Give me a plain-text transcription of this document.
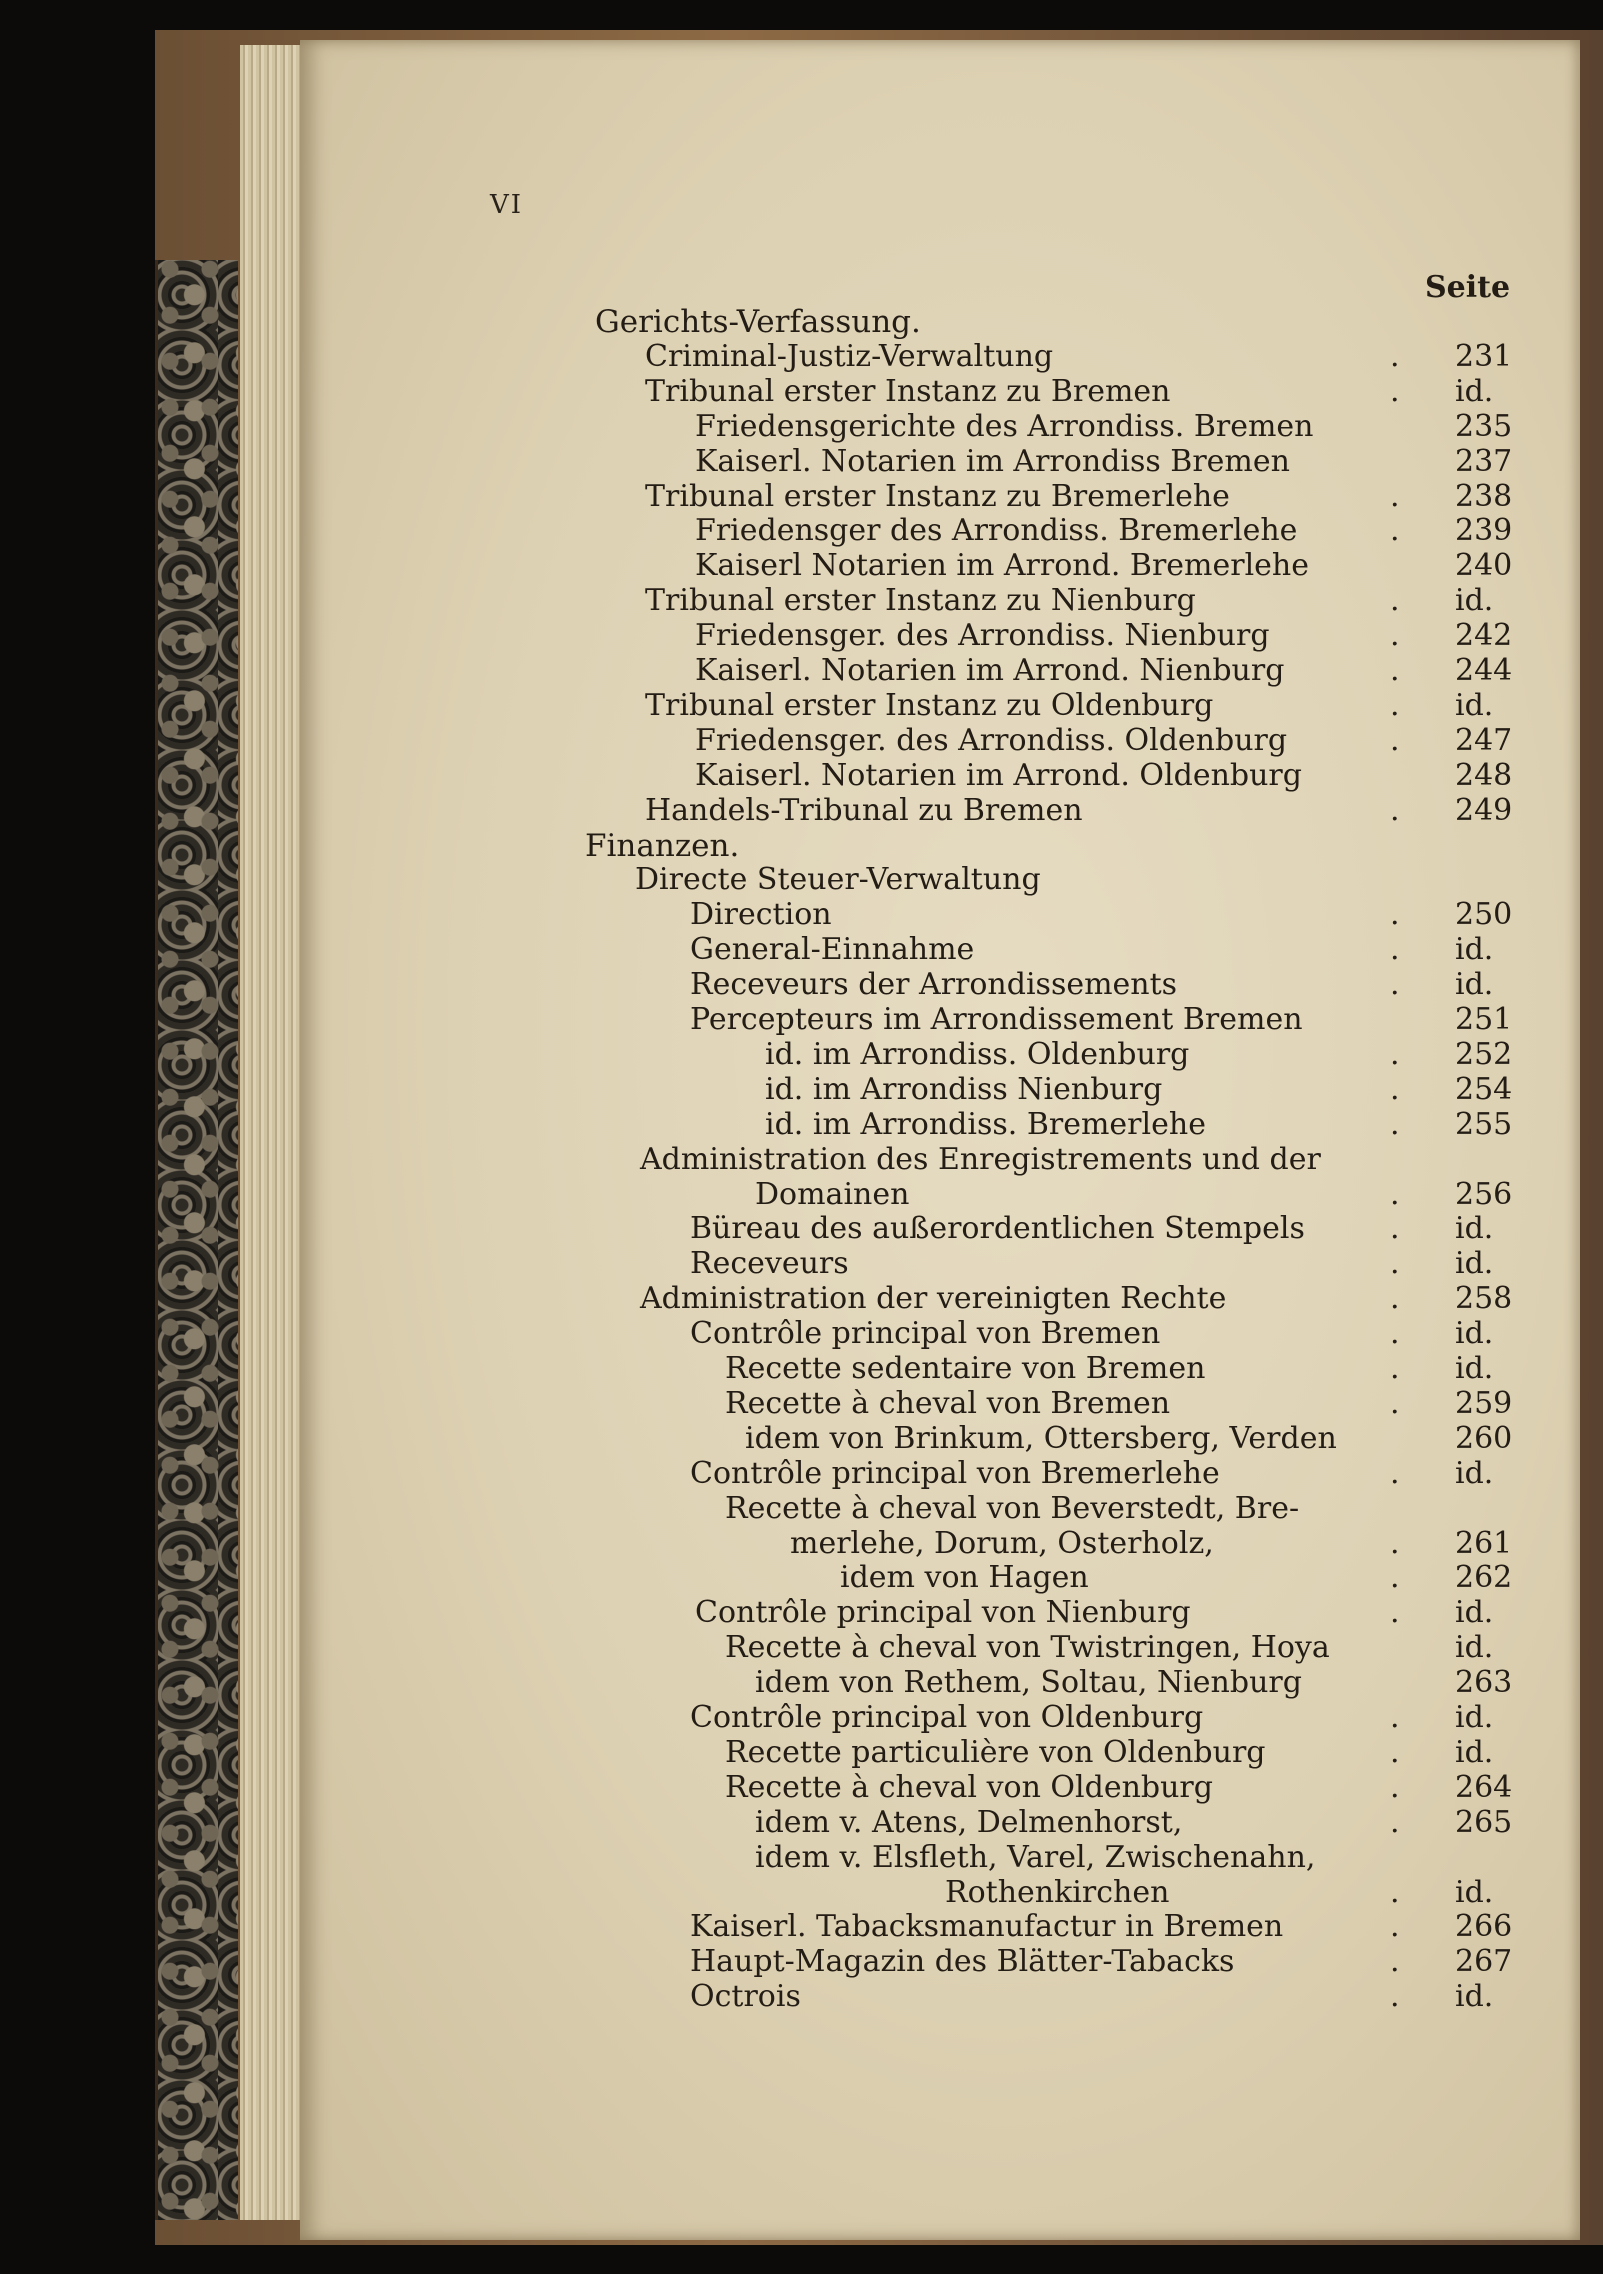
VI
Seite
Gerichts-Verfassung.
Criminal-Justiz-Verwaltung	. 231
Tribunal erster Instanz zu Bremen	. id.
Friedensgerichte des Arrondiss. Bremen	235
Kaiserl. Notarien im Arrondiss Bremen	237
Tribunal erster Instanz zu Bremerlehe	. 238
Friedensger des Arrondiss. Bremerlehe	. 239
Kaiserl Notarien im Arrond. Bremerlehe	240
Tribunal erster Instanz zu Nienburg	. id.
Friedensger. des Arrondiss. Nienburg	. 242
Kaiserl. Notarien im Arrond. Nienburg	. 244
Tribunal erster Instanz zu Oldenburg	. id.
Friedensger. des Arrondiss. Oldenburg	. 247
Kaiserl. Notarien im Arrond. Oldenburg	248
Handels-Tribunal zu Bremen	. 249
Finanzen.
Directe Steuer-Verwaltung
Direction	. 250
General-Einnahme	. id.
Receveurs der Arrondissements	. id.
Percepteurs im Arrondissement Bremen	251
id. im Arrondiss. Oldenburg	. 252
id. im Arrondiss Nienburg	. 254
id. im Arrondiss. Bremerlehe	. 255
Administration des Enregistrements und der
Domainen	. 256
Büreau des außerordentlichen Stempels	. id.
Receveurs	. id.
Administration der vereinigten Rechte	. 258
Contrôle principal von Bremen	. id.
Recette sedentaire von Bremen	. id.
Recette à cheval von Bremen	. 259
idem von Brinkum, Ottersberg, Verden	260
Contrôle principal von Bremerlehe	. id.
Recette à cheval von Beverstedt, Bre-
merlehe, Dorum, Osterholz,	. 261
idem von Hagen	. 262
Contrôle principal von Nienburg	. id.
Recette à cheval von Twistringen, Hoya	id.
idem von Rethem, Soltau, Nienburg	263
Contrôle principal von Oldenburg	. id.
Recette particulière von Oldenburg	. id.
Recette à cheval von Oldenburg	. 264
idem v. Atens, Delmenhorst,	. 265
idem v. Elsfleth, Varel, Zwischenahn,
Rothenkirchen	. id.
Kaiserl. Tabacksmanufactur in Bremen	. 266
Haupt-Magazin des Blätter-Tabacks	. 267
Octrois	. id.
